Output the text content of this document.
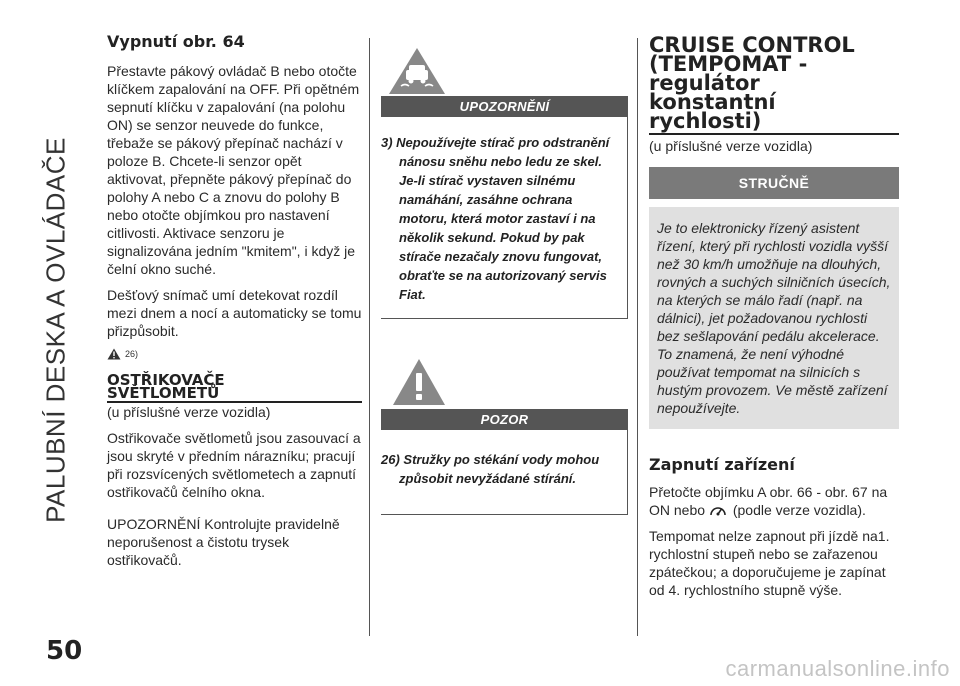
PALUBNÍ DESKA A OVLÁDAČE
50
carmanualsonline.info
Vypnutí obr. 64

Přestavte pákový ovládač B nebo otočte klíčkem zapalování na OFF. Při opětném sepnutí klíčku v zapalování (na polohu ON) se senzor neuvede do funkce, třebaže se pákový přepínač nachází v poloze B. Chcete-li senzor opět aktivovat, přepněte pákový přepínač do polohy A nebo C a znovu do polohy B nebo otočte objímkou pro nastavení citlivosti. Aktivace senzoru je signalizována jedním "kmitem", i když je čelní okno suché.

Dešťový snímač umí detekovat rozdíl mezi dnem a nocí a automaticky se tomu přizpůsobit.

26)
OSTŘIKOVAČE
SVĚTLOMETŮ

(u příslušné verze vozidla)

Ostřikovače světlometů jsou zasouvací a jsou skryté v předním nárazníku; pracují při rozsvícených světlometech a zapnutí ostřikovačů čelního okna.

UPOZORNĚNÍ Kontrolujte pravidelně neporušenost a čistotu trysek ostřikovačů.

UPOZORNĚNÍ
3) Nepoužívejte stírač pro odstranění nánosu sněhu nebo ledu ze skel. Je-li stírač vystaven silnému namáhání, zasáhne ochrana motoru, která motor zastaví i na několik sekund. Pokud by pak stírače nezačaly znovu fungovat, obraťte se na autorizovaný servis Fiat.
POZOR
26) Stružky po stékání vody mohou způsobit nevyžádané stírání.
CRUISE CONTROL
(TEMPOMAT -
regulátor
konstantní
rychlosti)

(u příslušné verze vozidla)

STRUČNĚ
Je to elektronicky řízený asistent řízení, který při rychlosti vozidla vyšší než 30 km/h umožňuje na dlouhých, rovných a suchých silničních úsecích, na kterých se málo řadí (např. na dálnici), jet požadovanou rychlosti bez sešlapování pedálu akcelerace. To znamená, že není výhodné používat tempomat na silnicích s hustým provozem. Ve městě zařízení nepoužívejte.
Zapnutí zařízení

Přetočte objímku A obr. 66 - obr. 67 na ON nebo (podle verze vozidla).

Tempomat nelze zapnout při jízdě na1. rychlostní stupeň nebo se zařazenou zpátečkou; a doporučujeme je zapínat od 4. rychlostního stupně výše.
